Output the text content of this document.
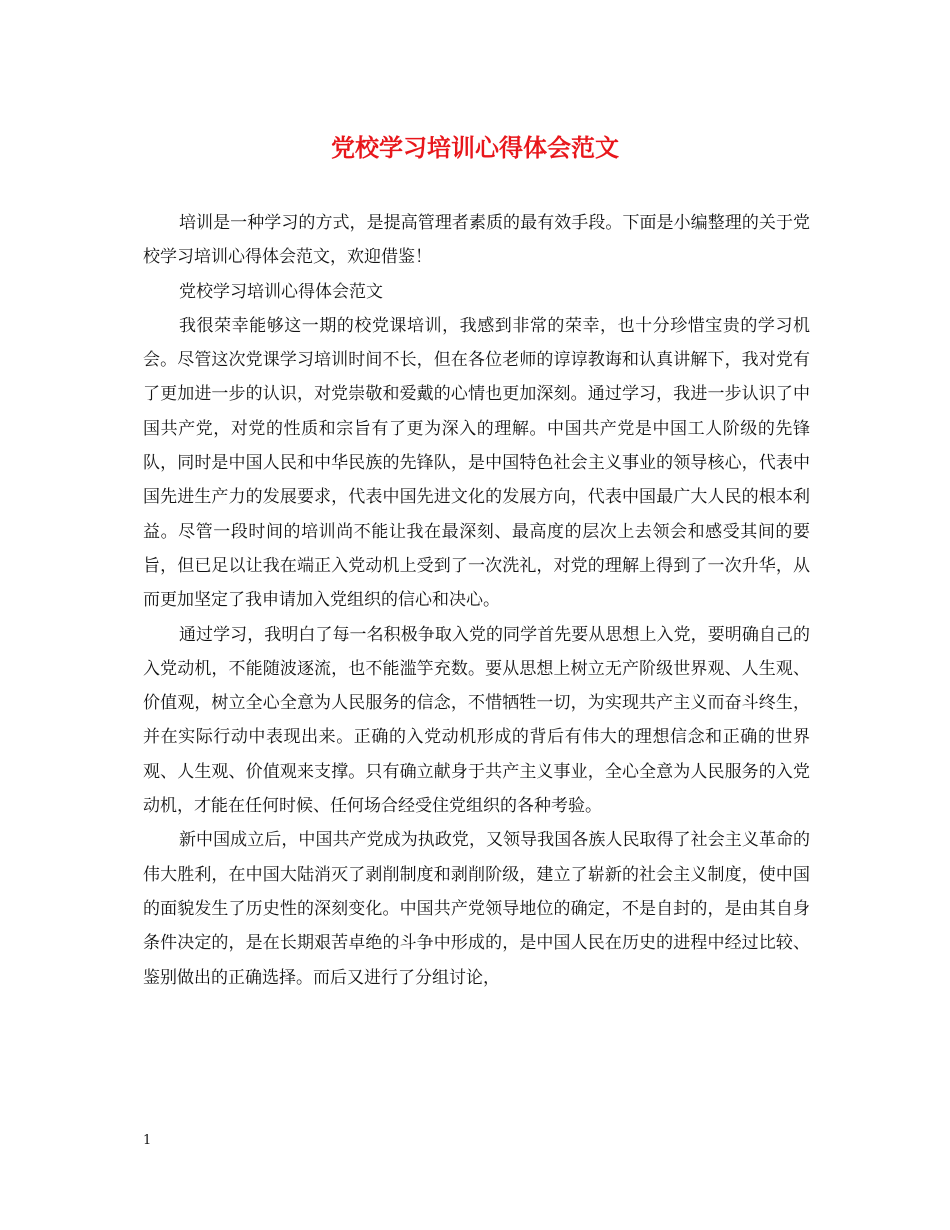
党校学习培训心得体会范文

培训是一种学习的方式，是提高管理者素质的最有效手段。下面是小编整理的关于党校学习培训心得体会范文，欢迎借鉴！

党校学习培训心得体会范文

我很荣幸能够这一期的校党课培训，我感到非常的荣幸，也十分珍惜宝贵的学习机会。尽管这次党课学习培训时间不长，但在各位老师的谆谆教诲和认真讲解下，我对党有了更加进一步的认识，对党崇敬和爱戴的心情也更加深刻。通过学习，我进一步认识了中国共产党，对党的性质和宗旨有了更为深入的理解。中国共产党是中国工人阶级的先锋队，同时是中国人民和中华民族的先锋队，是中国特色社会主义事业的领导核心，代表中国先进生产力的发展要求，代表中国先进文化的发展方向，代表中国最广大人民的根本利益。尽管一段时间的培训尚不能让我在最深刻、最高度的层次上去领会和感受其间的要旨，但已足以让我在端正入党动机上受到了一次洗礼，对党的理解上得到了一次升华，从而更加坚定了我申请加入党组织的信心和决心。

通过学习，我明白了每一名积极争取入党的同学首先要从思想上入党，要明确自己的入党动机，不能随波逐流，也不能滥竽充数。要从思想上树立无产阶级世界观、人生观、价值观，树立全心全意为人民服务的信念，不惜牺牲一切，为实现共产主义而奋斗终生，并在实际行动中表现出来。正确的入党动机形成的背后有伟大的理想信念和正确的世界观、人生观、价值观来支撑。只有确立献身于共产主义事业，全心全意为人民服务的入党动机，才能在任何时候、任何场合经受住党组织的各种考验。

新中国成立后，中国共产党成为执政党，又领导我国各族人民取得了社会主义革命的伟大胜利，在中国大陆消灭了剥削制度和剥削阶级，建立了崭新的社会主义制度，使中国的面貌发生了历史性的深刻变化。中国共产党领导地位的确定，不是自封的，是由其自身条件决定的，是在长期艰苦卓绝的斗争中形成的，是中国人民在历史的进程中经过比较、鉴别做出的正确选择。而后又进行了分组讨论，

1
